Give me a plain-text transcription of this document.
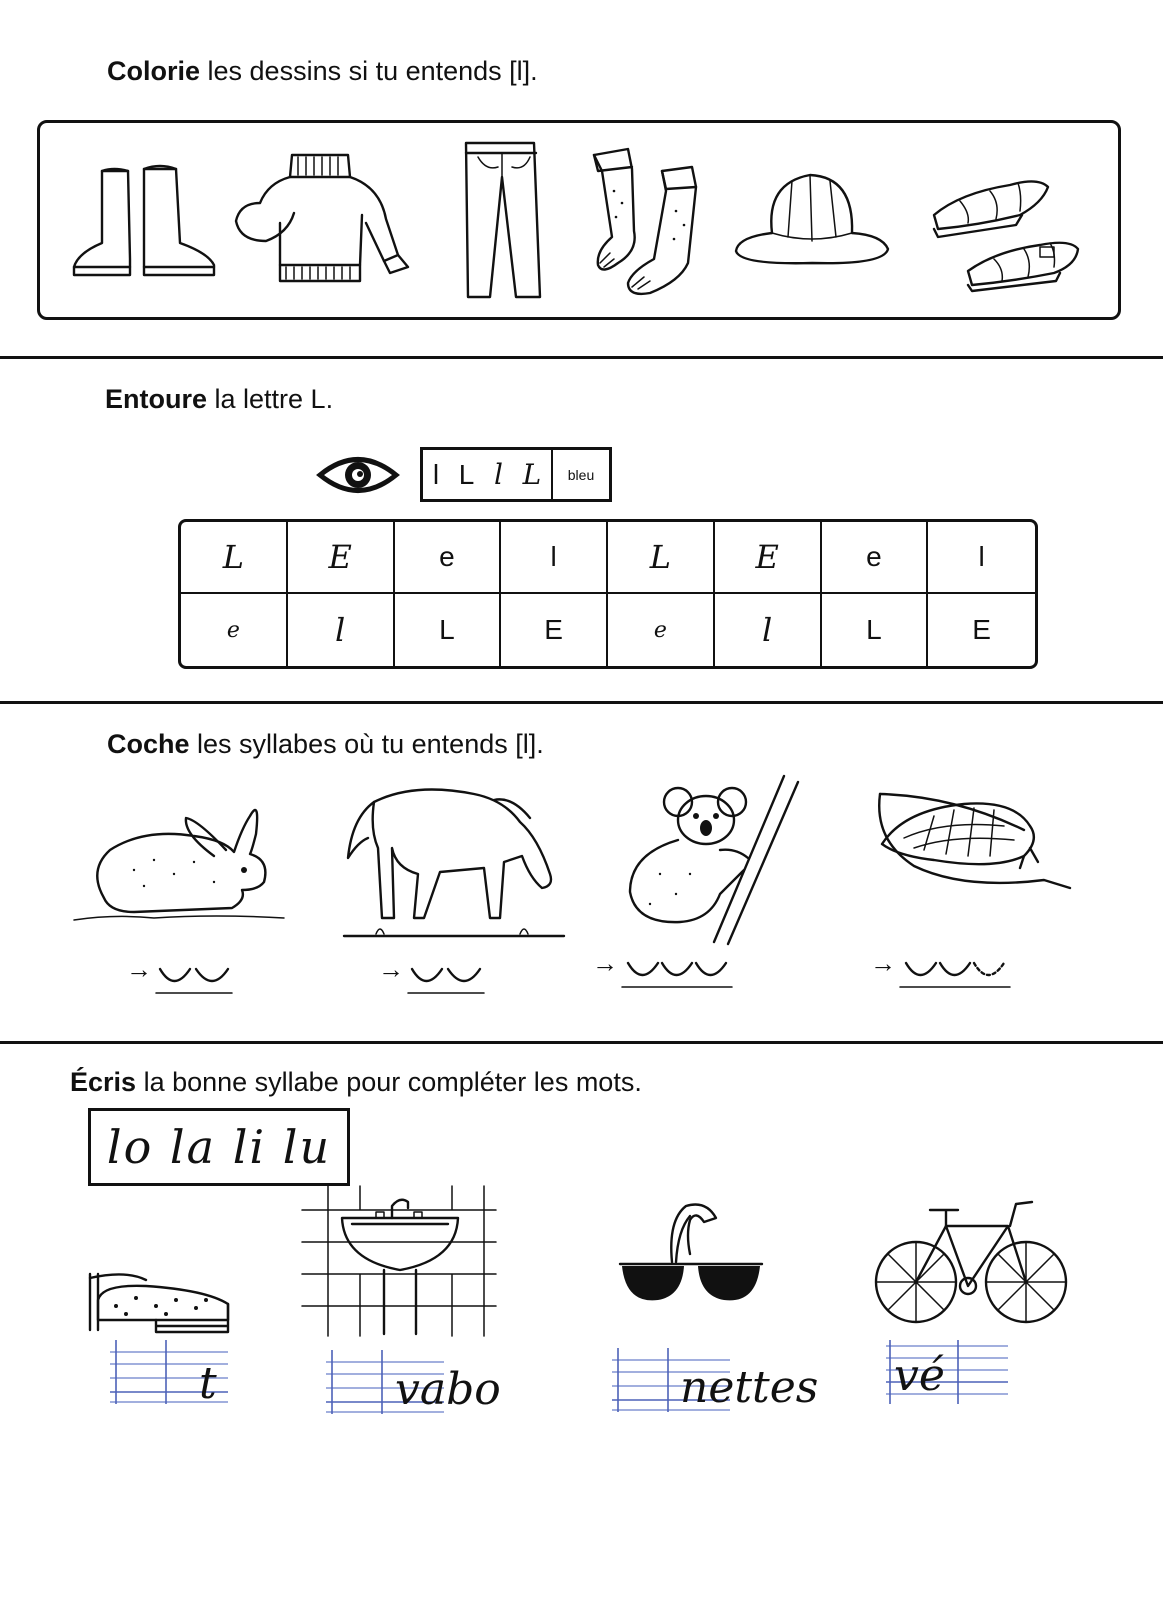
Colorie les dessins si tu entends [l].
Entoure la lettre L.
l L l L	bleu
L	E	e	l	L	E	e	l
e	l	L	E	e	l	L	E
Coche les syllabes où tu entends [l].
→	→	→	→
Écris la bonne syllabe pour compléter les mots.
lo la li lu
t	vabo	nettes vé
